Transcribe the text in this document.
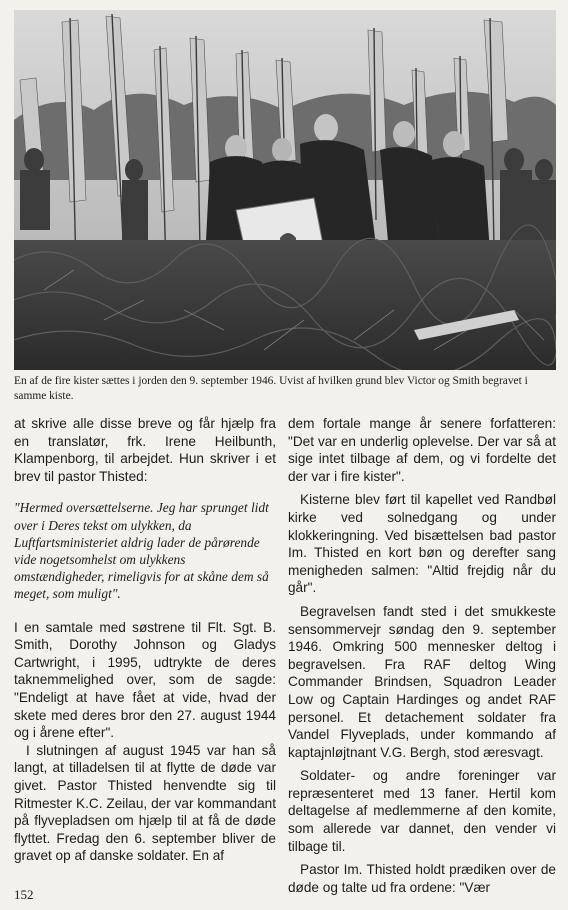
En af de fire kister sættes i jorden den 9. september 1946. Uvist af hvilken grund blev Victor og Smith begravet i samme kiste.

at skrive alle disse breve og får hjælp fra en translatør, frk. Irene Heilbunth, Klampenborg, til arbejdet. Hun skriver i et brev til pastor Thisted:

"Hermed oversættelserne. Jeg har sprunget lidt over i Deres tekst om ulykken, da Luftfartsministeriet aldrig lader de pårørende vide nogetsomhelst om ulykkens omstændigheder, rimeligvis for at skåne dem så meget, som muligt".

I en samtale med søstrene til Flt. Sgt. B. Smith, Dorothy Johnson og Gladys Cartwright, i 1995, udtrykte de deres taknemmelighed over, som de sagde: "Endeligt at have fået at vide, hvad der skete med deres bror den 27. august 1944 og i årene efter".

I slutningen af august 1945 var han så langt, at tilladelsen til at flytte de døde var givet. Pastor Thisted henvendte sig til Ritmester K.C. Zeilau, der var kommandant på flyvepladsen om hjælp til at få de døde flyttet. Fredag den 6. september bliver de gravet op af danske soldater. En af

dem fortale mange år senere forfatteren: "Det var en underlig oplevelse. Der var så at sige intet tilbage af dem, og vi fordelte det der var i fire kister".

Kisterne blev ført til kapellet ved Randbøl kirke ved solnedgang og under klokkeringning. Ved bisættelsen bad pastor Im. Thisted en kort bøn og derefter sang menigheden salmen: "Altid frejdig når du går".

Begravelsen fandt sted i det smukkeste sensommervejr søndag den 9. september 1946. Omkring 500 mennesker deltog i begravelsen. Fra RAF deltog Wing Commander Brindsen, Squadron Leader Low og Captain Hardinges og andet RAF personel. Et detachement soldater fra Vandel Flyveplads, under kommando af kaptajnløjtnant V.G. Bergh, stod æresvagt.

Soldater- og andre foreninger var repræsenteret med 13 faner. Hertil kom deltagelse af medlemmerne af den komite, som allerede var dannet, den vender vi tilbage til.

Pastor Im. Thisted holdt prædiken over de døde og talte ud fra ordene: "Vær

152
